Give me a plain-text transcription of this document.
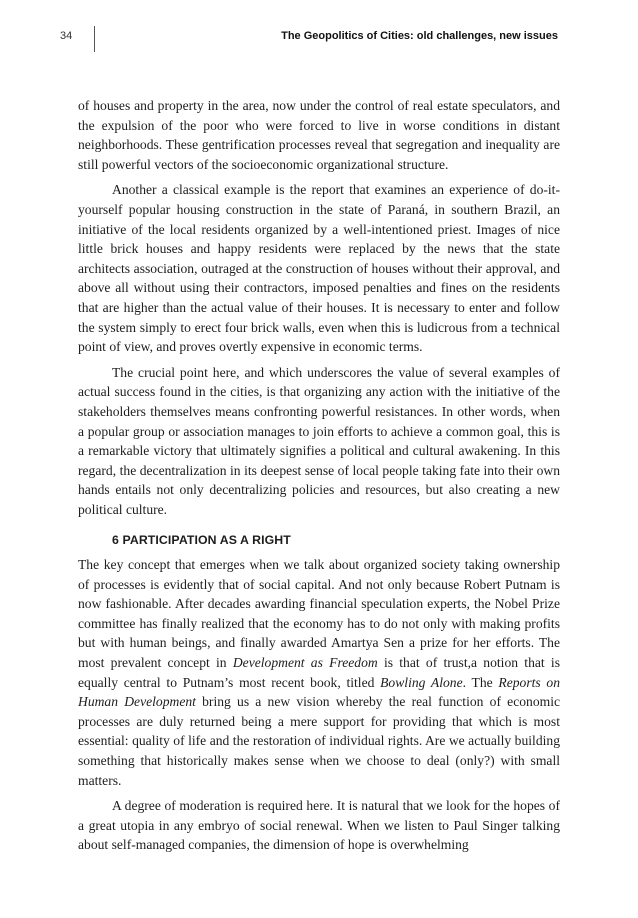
34	The Geopolitics of Cities: old challenges, new issues

of houses and property in the area, now under the control of real estate speculators, and the expulsion of the poor who were forced to live in worse conditions in distant neighborhoods. These gentrification processes reveal that segregation and inequality are still powerful vectors of the socioeconomic organizational structure.

Another a classical example is the report that examines an experience of do-it-yourself popular housing construction in the state of Paraná, in southern Brazil, an initiative of the local residents organized by a well-intentioned priest. Images of nice little brick houses and happy residents were replaced by the news that the state architects association, outraged at the construction of houses without their approval, and above all without using their contractors, imposed penalties and fines on the residents that are higher than the actual value of their houses. It is necessary to enter and follow the system simply to erect four brick walls, even when this is ludicrous from a technical point of view, and proves overtly expensive in economic terms.

The crucial point here, and which underscores the value of several examples of actual success found in the cities, is that organizing any action with the initiative of the stakeholders themselves means confronting powerful resistances. In other words, when a popular group or association manages to join efforts to achieve a common goal, this is a remarkable victory that ultimately signifies a political and cultural awakening. In this regard, the decentralization in its deepest sense of local people taking fate into their own hands entails not only decentralizing policies and resources, but also creating a new political culture.

6 PARTICIPATION AS A RIGHT

The key concept that emerges when we talk about organized society taking ownership of processes is evidently that of social capital. And not only because Robert Putnam is now fashionable. After decades awarding financial speculation experts, the Nobel Prize committee has finally realized that the economy has to do not only with making profits but with human beings, and finally awarded Amartya Sen a prize for her efforts. The most prevalent concept in Development as Freedom is that of trust,a notion that is equally central to Putnam’s most recent book, titled Bowling Alone. The Reports on Human Development bring us a new vision whereby the real function of economic processes are duly returned being a mere support for providing that which is most essential: quality of life and the restoration of individual rights. Are we actually building something that historically makes sense when we choose to deal (only?) with small matters.

A degree of moderation is required here. It is natural that we look for the hopes of a great utopia in any embryo of social renewal. When we listen to Paul Singer talking about self-managed companies, the dimension of hope is overwhelming
